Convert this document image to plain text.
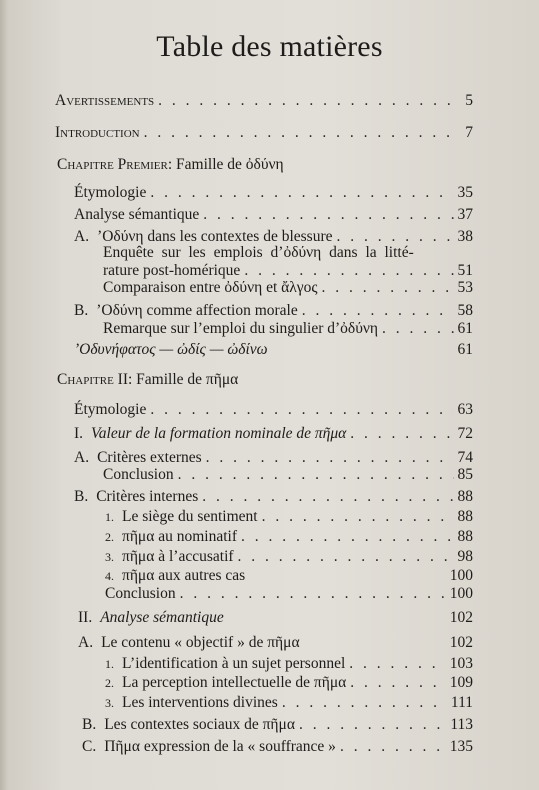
Table des matières
Avertissements . . .	5
Introduction . . .	7
Chapitre Premier: Famille de ὀδύνη
Étymologie . . .	35
Analyse sémantique . . .	37
A. ’Οδύνη dans les contextes de blessure . . .	38
Enquête sur les emplois d’ὀδύνη dans la litté-
rature post-homérique . . .	51
Comparaison entre ὀδύνη et ἄλγος . . .	53
B. ’Οδύνη comme affection morale . . .	58
Remarque sur l’emploi du singulier d’ὀδύνη . . .	61
’Οδυνήφατος — ὠδίς — ὠδίνω	61
Chapitre II: Famille de πῆμα
Étymologie . . .	63
I. Valeur de la formation nominale de πῆμα . . .	72
A. Critères externes . . .	74
Conclusion . . .	85
B. Critères internes . . .	88
1. Le siège du sentiment . . .	88
2. πῆμα au nominatif . . .	88
3. πῆμα à l’accusatif . . .	98
4. πῆμα aux autres cas	100
Conclusion . . .	100
II. Analyse sémantique	102
A. Le contenu « objectif » de πῆμα	102
1. L’identification à un sujet personnel . . .	103
2. La perception intellectuelle de πῆμα . . .	109
3. Les interventions divines . . .	111
B. Les contextes sociaux de πῆμα . . .	113
C. Πῆμα expression de la « souffrance » . . .	135
